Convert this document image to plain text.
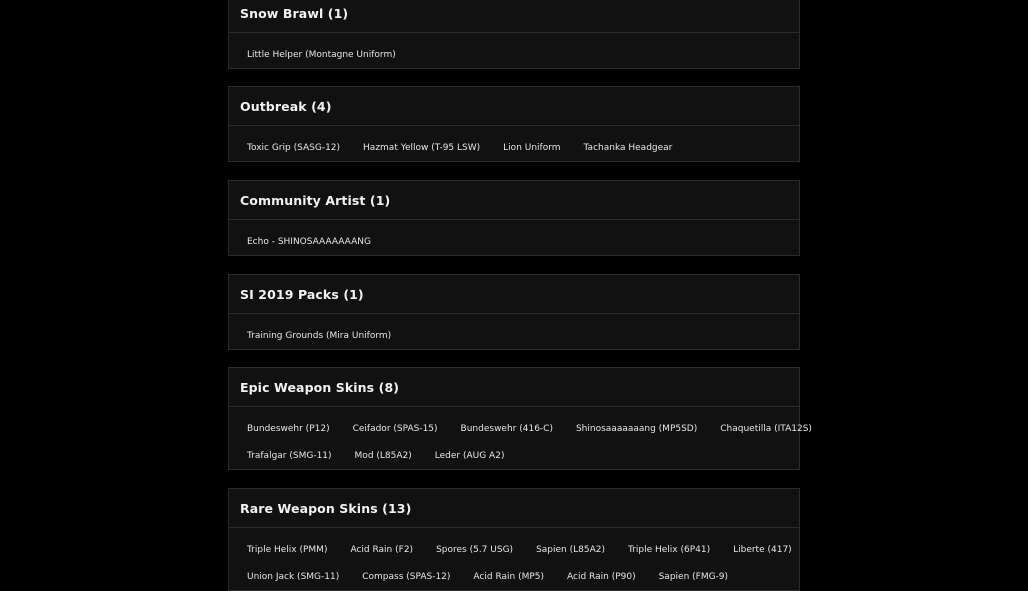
Snow Brawl (1)
Little Helper (Montagne Uniform)
Outbreak (4)
Toxic Grip (SASG-12)	Hazmat Yellow (T-95 LSW)	Lion Uniform	Tachanka Headgear
Community Artist (1)
Echo - SHINOSAAAAAAANG
SI 2019 Packs (1)
Training Grounds (Mira Uniform)
Epic Weapon Skins (8)
Bundeswehr (P12)	Ceifador (SPAS-15)	Bundeswehr (416-C)	Shinosaaaaaaang (MP5SD)	Chaquetilla (ITA12S)
Trafalgar (SMG-11)	Mod (L85A2)	Leder (AUG A2)
Rare Weapon Skins (13)
Triple Helix (PMM)	Acid Rain (F2)	Spores (5.7 USG)	Sapien (L85A2)	Triple Helix (6P41)	Liberte (417)
Union Jack (SMG-11)	Compass (SPAS-12)	Acid Rain (MP5)	Acid Rain (P90)	Sapien (FMG-9)
